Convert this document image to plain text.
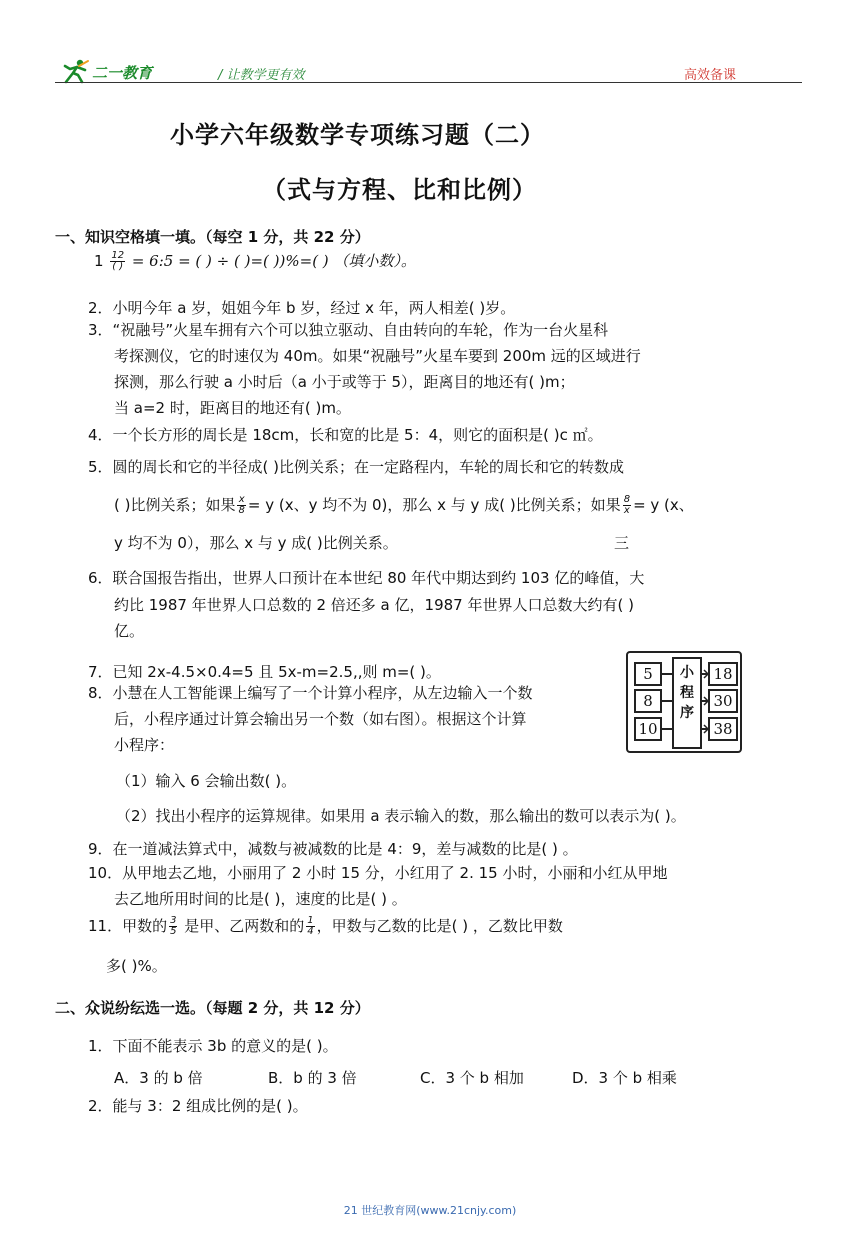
二一教育	/ 让教学更有效	高效备课
小学六年级数学专项练习题（二）
（式与方程、比和比例）
一、知识空格填一填。（每空 1 分，共 22 分）
$1 \frac{12}{( )}$ = 6:5 = ( ) ÷ ( )=( ))%=( ) （填小数）。
2．小明今年 a 岁，姐姐今年 b 岁，经过 x 年，两人相差( )岁。
3．“祝融号”火星车拥有六个可以独立驱动、自由转向的车轮，作为一台火星科
考探测仪，它的时速仅为 40m。如果“祝融号”火星车要到 200m 远的区域进行
探测，那么行驶 a 小时后（a 小于或等于 5），距离目的地还有( )m；
当 a=2 时，距离目的地还有( )m。
4．一个长方形的周长是 18cm，长和宽的比是 5：4，则它的面积是( )c ㎡。
5．圆的周长和它的半径成( )比例关系；在一定路程内，车轮的周长和它的转数成
( )比例关系；如果 $\frac{x}{8} = y$ (x、y 均不为 0)，那么 x 与 y 成( )比例关系；如果 $\frac{8}{x} = y$ (x、
y 均不为 0），那么 x 与 y 成( )比例关系。	三
6．联合国报告指出，世界人口预计在本世纪 80 年代中期达到约 103 亿的峰值，大
约比 1987 年世界人口总数的 2 倍还多 a 亿，1987 年世界人口总数大约有( )
亿。
7．已知 2x-4.5×0.4=5 且 5x-m=2.5,,则 m=( )。
8．小慧在人工智能课上编写了一个计算小程序，从左边输入一个数
后，小程序通过计算会输出另一个数（如右图）。根据这个计算
小程序：
5
8
10
小
程
序
18
30
38
（1）输入 6 会输出数( )。
（2）找出小程序的运算规律。如果用 a 表示输入的数，那么输出的数可以表示为( )。
9．在一道减法算式中，减数与被减数的比是 4：9，差与减数的比是( ) 。
10．从甲地去乙地，小丽用了 2 小时 15 分，小红用了 2. 15 小时，小丽和小红从甲地
去乙地所用时间的比是( )，速度的比是( ) 。
11．甲数的 $\frac{3}{5}$ 是甲、乙两数和的 $\frac{1}{4}$ ，甲数与乙数的比是( ) ，乙数比甲数
多( )%。
二、众说纷纭选一选。（每题 2 分，共 12 分）
1．下面不能表示 3b 的意义的是( )。
A．3 的 b 倍	B．b 的 3 倍	C．3 个 b 相加	D．3 个 b 相乘
2．能与 3：2 组成比例的是( )。
21 世纪教育网(www.21cnjy.com)
